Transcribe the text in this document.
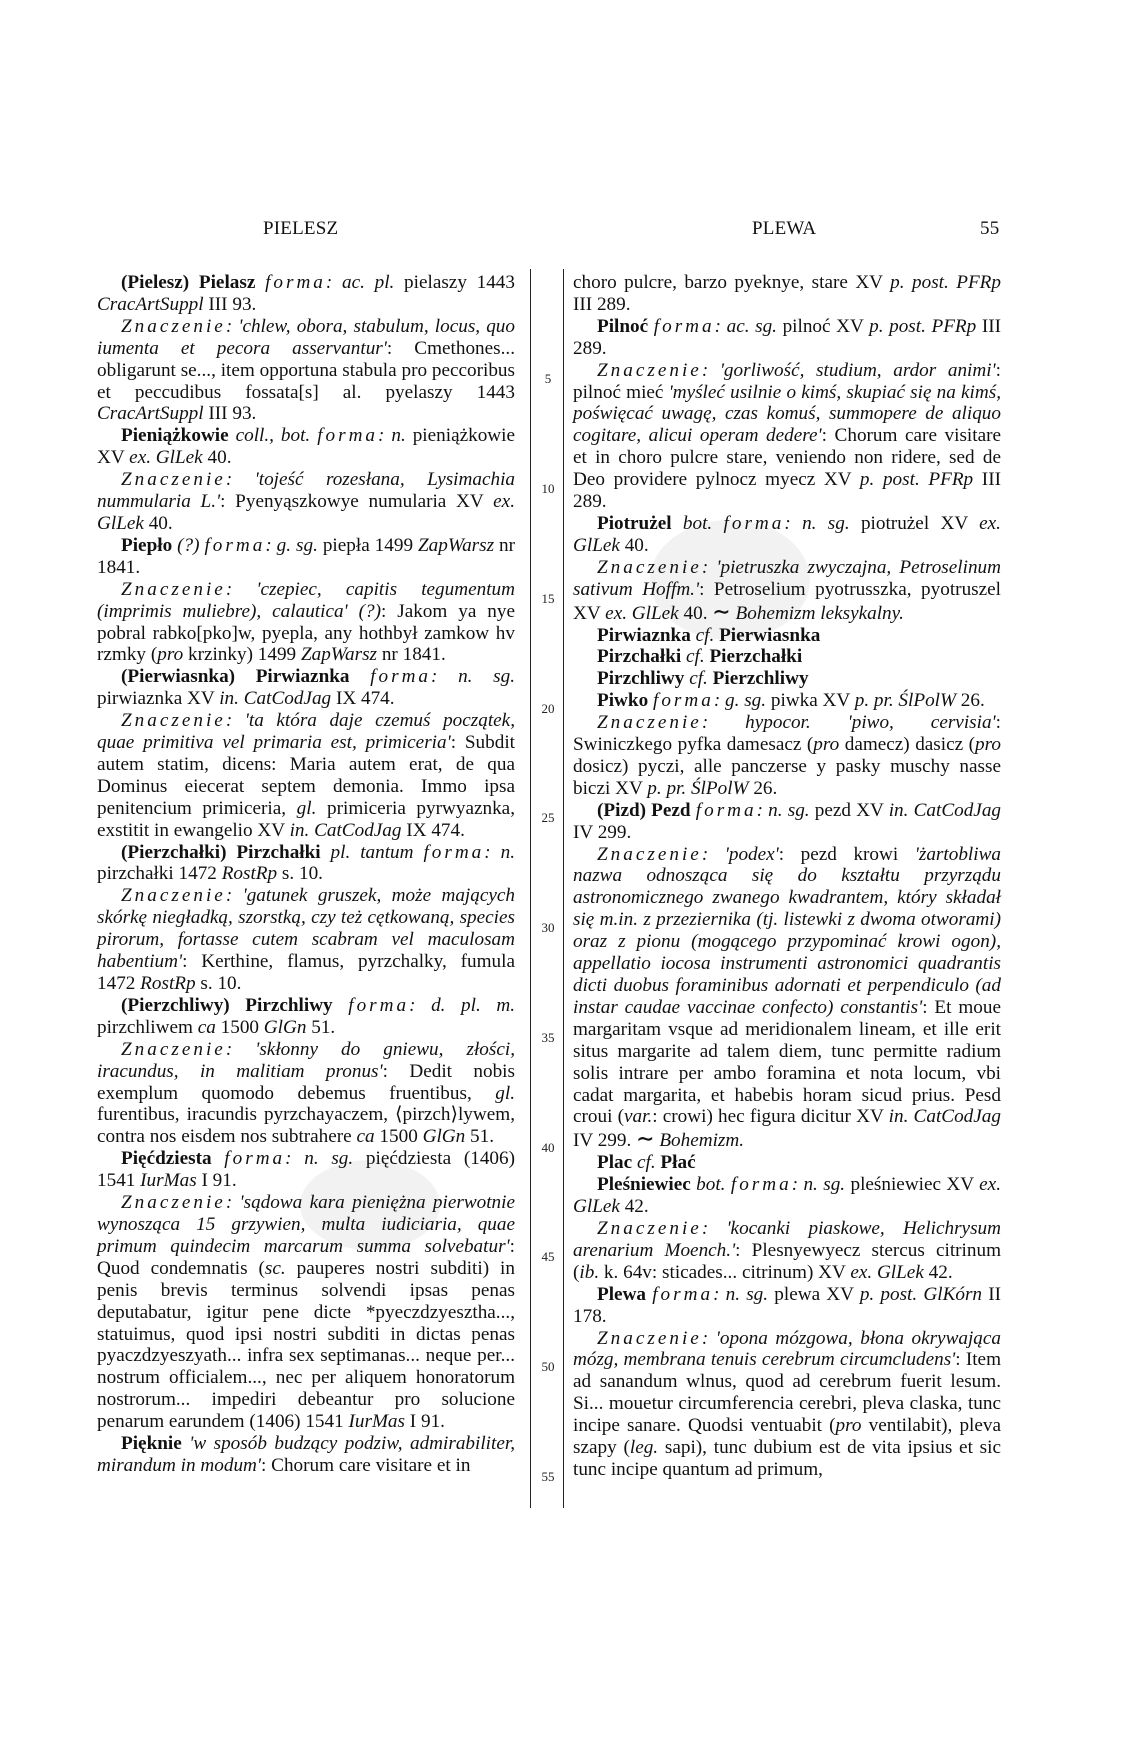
PIELESZ	PLEWA	55
5
10
15
20
25
30
35
40
45
50
55

(Pielesz) Pielasz forma: ac. pl. pielaszy 1443 CracArtSuppl III 93.

Znaczenie: 'chlew, obora, stabulum, locus, quo iumenta et pecora asservantur': Cmethones... obligarunt se..., item opportuna stabula pro peccoribus et peccudibus fossata[s] al. pyelaszy 1443 CracArtSuppl III 93.

Pieniążkowie coll., bot. forma: n. pieniążkowie XV ex. GlLek 40.

Znaczenie: 'tojeść rozesłana, Lysimachia nummularia L.': Pyenyąszkowye numularia XV ex. GlLek 40.

Piepło (?) forma: g. sg. piepła 1499 ZapWarsz nr 1841.

Znaczenie: 'czepiec, capitis tegumentum (imprimis muliebre), calautica' (?): Jakom ya nye pobral rabko[pko]w, pyepla, any hothbył zamkow hv rzmky (pro krzinky) 1499 ZapWarsz nr 1841.

(Pierwiasnka) Pirwiaznka forma: n. sg. pirwiaznka XV in. CatCodJag IX 474.

Znaczenie: 'ta która daje czemuś początek, quae primitiva vel primaria est, primiceria': Subdit autem statim, dicens: Maria autem erat, de qua Dominus eiecerat septem demonia. Immo ipsa penitencium primiceria, gl. primiceria pyrwyaznka, exstitit in ewangelio XV in. CatCodJag IX 474.

(Pierzchałki) Pirzchałki pl. tantum forma: n. pirzchałki 1472 RostRp s. 10.

Znaczenie: 'gatunek gruszek, może mających skórkę niegładką, szorstką, czy też cętkowaną, species pirorum, fortasse cutem scabram vel maculosam habentium': Kerthine, flamus, pyrzchalky, fumula 1472 RostRp s. 10.

(Pierzchliwy) Pirzchliwy forma: d. pl. m. pirzchliwem ca 1500 GlGn 51.

Znaczenie: 'skłonny do gniewu, złości, iracundus, in malitiam pronus': Dedit nobis exemplum quomodo debemus fruentibus, gl. furentibus, iracundis pyrzchayaczem, ⟨pirzch⟩lywem, contra nos eisdem nos subtrahere ca 1500 GlGn 51.

Pięćdziesta forma: n. sg. pięćdziesta (1406) 1541 IurMas I 91.

Znaczenie: 'sądowa kara pieniężna pierwotnie wynosząca 15 grzywien, multa iudiciaria, quae primum quindecim marcarum summa solvebatur': Quod condemnatis (sc. pauperes nostri subditi) in penis brevis terminus solvendi ipsas penas deputabatur, igitur pene dicte *pyeczdzyesztha..., statuimus, quod ipsi nostri subditi in dictas penas pyaczdzyeszyath... infra sex septimanas... neque per... nostrum officialem..., nec per aliquem honoratorum nostrorum... impediri debeantur pro solucione penarum earundem (1406) 1541 IurMas I 91.

Pięknie 'w sposób budzący podziw, admirabiliter, mirandum in modum': Chorum care visitare et in

choro pulcre, barzo pyeknye, stare XV p. post. PFRp III 289.

Pilnoć forma: ac. sg. pilnoć XV p. post. PFRp III 289.

Znaczenie: 'gorliwość, studium, ardor animi': pilnoć mieć 'myśleć usilnie o kimś, skupiać się na kimś, poświęcać uwagę, czas komuś, summopere de aliquo cogitare, alicui operam dedere': Chorum care visitare et in choro pulcre stare, veniendo non ridere, sed de Deo providere pylnocz myecz XV p. post. PFRp III 289.

Piotrużel bot. forma: n. sg. piotrużel XV ex. GlLek 40.

Znaczenie: 'pietruszka zwyczajna, Petroselinum sativum Hoffm.': Petroselium pyotrusszka, pyotruszel XV ex. GlLek 40. ∼ Bohemizm leksykalny.

Pirwiaznka cf. Pierwiasnka

Pirzchałki cf. Pierzchałki

Pirzchliwy cf. Pierzchliwy

Piwko forma: g. sg. piwka XV p. pr. ŚlPolW 26.

Znaczenie: hypocor. 'piwo, cervisia': Swiniczkego pyfka damesacz (pro damecz) dasicz (pro dosicz) pyczi, alle panczerse y pasky muschy nasse biczi XV p. pr. ŚlPolW 26.

(Pizd) Pezd forma: n. sg. pezd XV in. CatCodJag IV 299.

Znaczenie: 'podex': pezd krowi 'żartobliwa nazwa odnosząca się do kształtu przyrządu astronomicznego zwanego kwadrantem, który składał się m.in. z przeziernika (tj. listewki z dwoma otworami) oraz z pionu (mogącego przypominać krowi ogon), appellatio iocosa instrumenti astronomici quadrantis dicti duobus foraminibus adornati et perpendiculo (ad instar caudae vaccinae confecto) constantis': Et moue margaritam vsque ad meridionalem lineam, et ille erit situs margarite ad talem diem, tunc permitte radium solis intrare per ambo foramina et nota locum, vbi cadat margarita, et habebis horam sicud prius. Pesd croui (var.: crowi) hec figura dicitur XV in. CatCodJag IV 299. ∼ Bohemizm.

Plac cf. Płać

Pleśniewiec bot. forma: n. sg. pleśniewiec XV ex. GlLek 42.

Znaczenie: 'kocanki piaskowe, Helichrysum arenarium Moench.': Plesnyewyecz stercus citrinum (ib. k. 64v: sticades... citrinum) XV ex. GlLek 42.

Plewa forma: n. sg. plewa XV p. post. GlKórn II 178.

Znaczenie: 'opona mózgowa, błona okrywająca mózg, membrana tenuis cerebrum circumcludens': Item ad sanandum wlnus, quod ad cerebrum fuerit lesum. Si... mouetur circumferencia cerebri, pleva claska, tunc incipe sanare. Quodsi ventuabit (pro ventilabit), pleva szapy (leg. sapi), tunc dubium est de vita ipsius et sic tunc incipe quantum ad primum,
